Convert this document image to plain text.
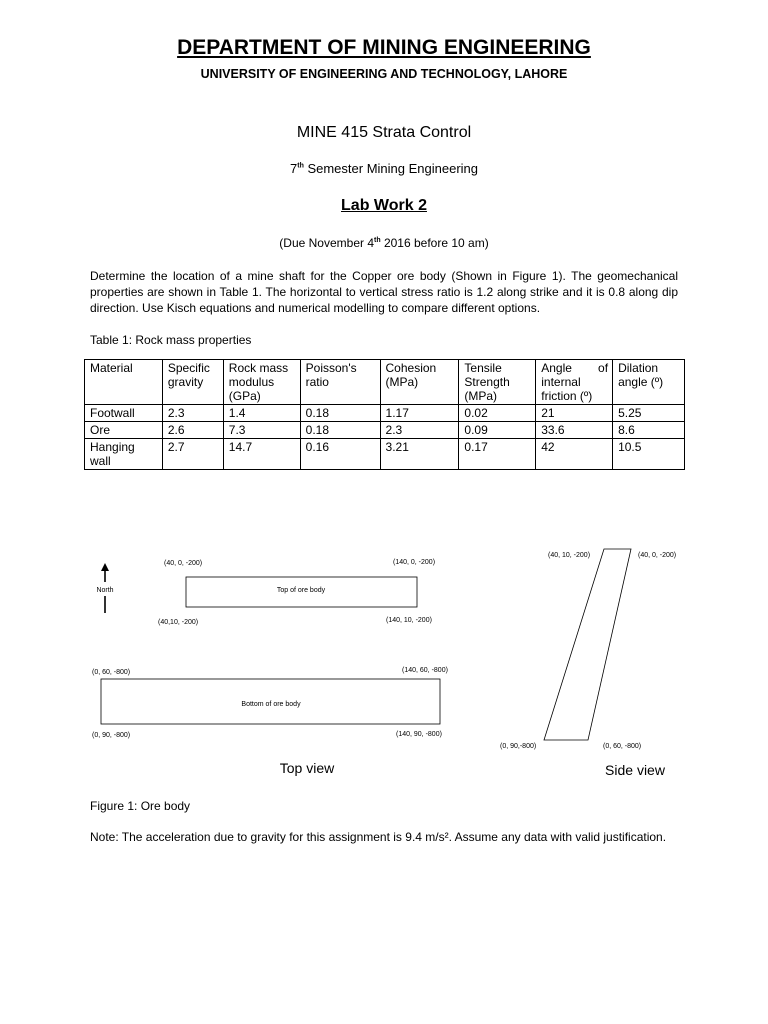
DEPARTMENT OF MINING ENGINEERING
UNIVERSITY OF ENGINEERING AND TECHNOLOGY, LAHORE
MINE 415 Strata Control
7th Semester Mining Engineering
Lab Work 2
(Due November 4th 2016 before 10 am)
Determine the location of a mine shaft for the Copper ore body (Shown in Figure 1). The geomechanical properties are shown in Table 1. The horizontal to vertical stress ratio is 1.2 along strike and it is 0.8 along dip direction. Use Kisch equations and numerical modelling to compare different options.
Table 1: Rock mass properties
Material	Specific gravity	Rock mass modulus (GPa)	Poisson's ratio	Cohesion (MPa)	Tensile Strength (MPa)	Angle of internal friction (º)	Dilation angle (º)
Footwall	2.3	1.4	0.18	1.17	0.02	21	5.25
Ore	2.6	7.3	0.18	2.3	0.09	33.6	8.6
Hanging wall	2.7	14.7	0.16	3.21	0.17	42	10.5
North	Top of ore body
(40, 0, -200)	(140, 0, -200)
(40,10, -200)	(140, 10, -200)
Bottom of ore body
(0, 60, -800)	(140, 60, -800)
(0, 90, -800)	(140, 90, -800)
Top view
(40, 10, -200)	(40, 0, -200)
(0, 90,-800)	(0, 60, -800)
Side view
Figure 1: Ore body
Note: The acceleration due to gravity for this assignment is 9.4 m/s². Assume any data with valid justification.
